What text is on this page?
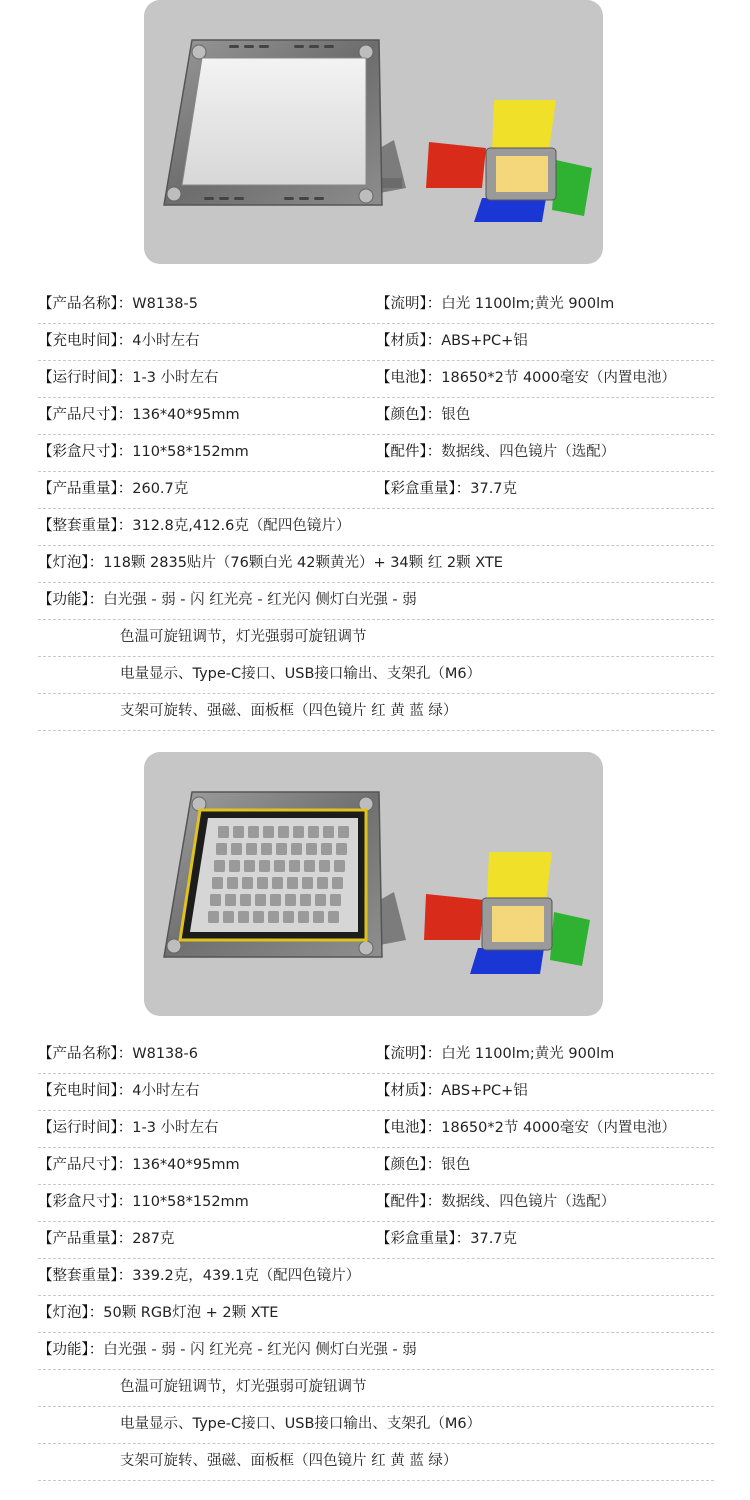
【产品名称】：W8138-5	【流明】：白光 1100lm;黄光 900lm
【充电时间】：4小时左右	【材质】：ABS+PC+铝
【运行时间】：1-3 小时左右	【电池】：18650*2节 4000毫安（内置电池）
【产品尺寸】：136*40*95mm	【颜色】：银色
【彩盒尺寸】：110*58*152mm	【配件】：数据线、四色镜片（选配）
【产品重量】：260.7克	【彩盒重量】：37.7克
【整套重量】：312.8克,412.6克（配四色镜片）
【灯泡】：118颗 2835贴片（76颗白光 42颗黄光）+ 34颗 红 2颗 XTE
【功能】：白光强 - 弱 - 闪 红光亮 - 红光闪 侧灯白光强 - 弱
色温可旋钮调节，灯光强弱可旋钮调节
电量显示、Type-C接口、USB接口输出、支架孔（M6）
支架可旋转、强磁、面板框（四色镜片 红 黄 蓝 绿）
【产品名称】：W8138-6	【流明】：白光 1100lm;黄光 900lm
【充电时间】：4小时左右	【材质】：ABS+PC+铝
【运行时间】：1-3 小时左右	【电池】：18650*2节 4000毫安（内置电池）
【产品尺寸】：136*40*95mm	【颜色】：银色
【彩盒尺寸】：110*58*152mm	【配件】：数据线、四色镜片（选配）
【产品重量】：287克	【彩盒重量】：37.7克
【整套重量】：339.2克，439.1克（配四色镜片）
【灯泡】：50颗 RGB灯泡 + 2颗 XTE
【功能】：白光强 - 弱 - 闪 红光亮 - 红光闪 侧灯白光强 - 弱
色温可旋钮调节，灯光强弱可旋钮调节
电量显示、Type-C接口、USB接口输出、支架孔（M6）
支架可旋转、强磁、面板框（四色镜片 红 黄 蓝 绿）
